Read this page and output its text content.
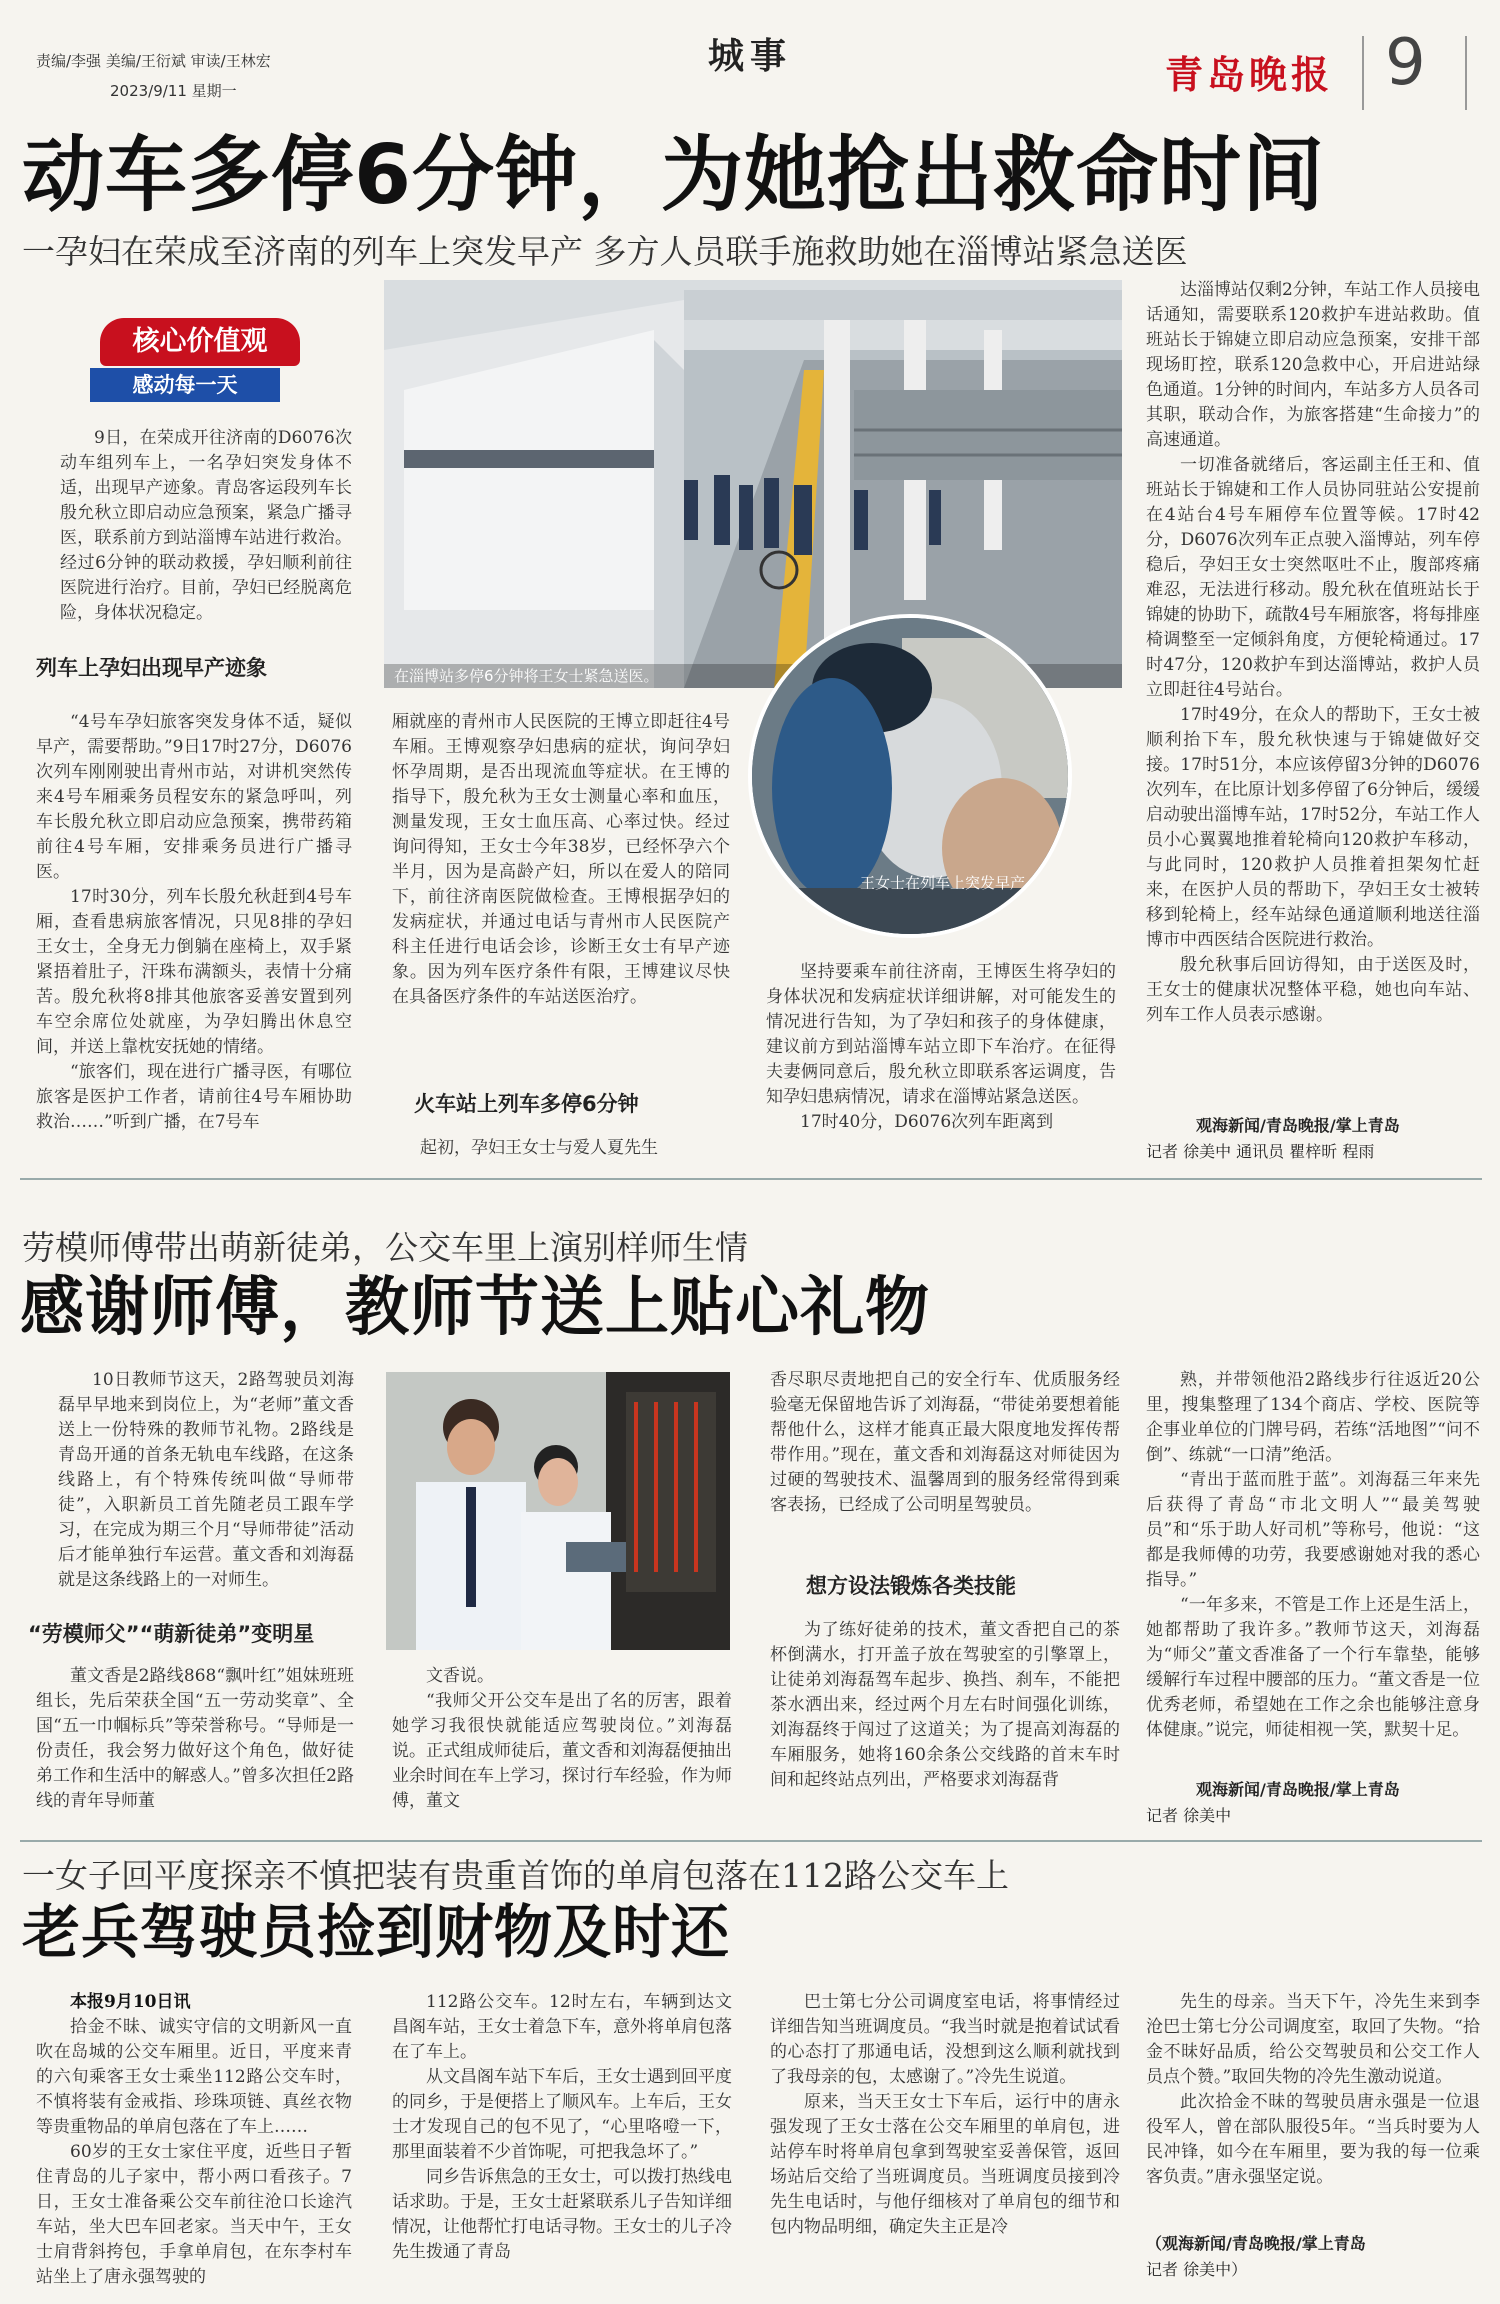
责编/李强 美编/王衍斌 审读/王林宏
2023/9/11 星期一
城事	青岛晚报 9
动车多停6分钟，为她抢出救命时间
一孕妇在荣成至济南的列车上突发早产 多方人员联手施救助她在淄博站紧急送医
核心价值观
感动每一天

9日，在荣成开往济南的D6076次动车组列车上，一名孕妇突发身体不适，出现早产迹象。青岛客运段列车长殷允秋立即启动应急预案，紧急广播寻医，联系前方到站淄博车站进行救治。经过6分钟的联动救援，孕妇顺利前往医院进行治疗。目前，孕妇已经脱离危险，身体状况稳定。

列车上孕妇出现早产迹象	在淄博站多停6分钟将王女士紧急送医。
王女士在列车上突发早产。

“4号车孕妇旅客突发身体不适，疑似早产，需要帮助。”9日17时27分，D6076次列车刚刚驶出青州市站，对讲机突然传来4号车厢乘务员程安东的紧急呼叫，列车长殷允秋立即启动应急预案，携带药箱前往4号车厢，安排乘务员进行广播寻医。

17时30分，列车长殷允秋赶到4号车厢，查看患病旅客情况，只见8排的孕妇王女士，全身无力倒躺在座椅上，双手紧紧捂着肚子，汗珠布满额头，表情十分痛苦。殷允秋将8排其他旅客妥善安置到列车空余席位处就座，为孕妇腾出休息空间，并送上靠枕安抚她的情绪。

“旅客们，现在进行广播寻医，有哪位旅客是医护工作者，请前往4号车厢协助救治……”听到广播，在7号车

厢就座的青州市人民医院的王博立即赶往4号车厢。王博观察孕妇患病的症状，询问孕妇怀孕周期，是否出现流血等症状。在王博的指导下，殷允秋为王女士测量心率和血压，测量发现，王女士血压高、心率过快。经过询问得知，王女士今年38岁，已经怀孕六个半月，因为是高龄产妇，所以在爱人的陪同下，前往济南医院做检查。王博根据孕妇的发病症状，并通过电话与青州市人民医院产科主任进行电话会诊，诊断王女士有早产迹象。因为列车医疗条件有限，王博建议尽快在具备医疗条件的车站送医治疗。
火车站上列车多停6分钟
起初，孕妇王女士与爱人夏先生

坚持要乘车前往济南，王博医生将孕妇的身体状况和发病症状详细讲解，对可能发生的情况进行告知，为了孕妇和孩子的身体健康，建议前方到站淄博车站立即下车治疗。在征得夫妻俩同意后，殷允秋立即联系客运调度，告知孕妇患病情况，请求在淄博站紧急送医。

17时40分，D6076次列车距离到

达淄博站仅剩2分钟，车站工作人员接电话通知，需要联系120救护车进站救助。值班站长于锦婕立即启动应急预案，安排干部现场盯控，联系120急救中心，开启进站绿色通道。1分钟的时间内，车站多方人员各司其职，联动合作，为旅客搭建“生命接力”的高速通道。

一切准备就绪后，客运副主任王和、值班站长于锦婕和工作人员协同驻站公安提前在4站台4号车厢停车位置等候。17时42分，D6076次列车正点驶入淄博站，列车停稳后，孕妇王女士突然呕吐不止，腹部疼痛难忍，无法进行移动。殷允秋在值班站长于锦婕的协助下，疏散4号车厢旅客，将每排座椅调整至一定倾斜角度，方便轮椅通过。17时47分，120救护车到达淄博站，救护人员立即赶往4号站台。

17时49分，在众人的帮助下，王女士被顺利抬下车，殷允秋快速与于锦婕做好交接。17时51分，本应该停留3分钟的D6076次列车，在比原计划多停留了6分钟后，缓缓启动驶出淄博车站，17时52分，车站工作人员小心翼翼地推着轮椅向120救护车移动，与此同时，120救护人员推着担架匆忙赶来，在医护人员的帮助下，孕妇王女士被转移到轮椅上，经车站绿色通道顺利地送往淄博市中西医结合医院进行救治。

殷允秋事后回访得知，由于送医及时，王女士的健康状况整体平稳，她也向车站、列车工作人员表示感谢。

观海新闻/青岛晚报/掌上青岛
记者 徐美中 通讯员 瞿梓昕 程雨
劳模师傅带出萌新徒弟，公交车里上演别样师生情
感谢师傅，教师节送上贴心礼物

10日教师节这天，2路驾驶员刘海磊早早地来到岗位上，为“老师”董文香送上一份特殊的教师节礼物。2路线是青岛开通的首条无轨电车线路，在这条线路上，有个特殊传统叫做“导师带徒”，入职新员工首先随老员工跟车学习，在完成为期三个月“导师带徒”活动后才能单独行车运营。董文香和刘海磊就是这条线路上的一对师生。

“劳模师父”“萌新徒弟”变明星

董文香是2路线868“飘叶红”姐妹班班组长，先后荣获全国“五一劳动奖章”、全国“五一巾帼标兵”等荣誉称号。“导师是一份责任，我会努力做好这个角色，做好徒弟工作和生活中的解惑人。”曾多次担任2路线的青年导师董

文香说。

“我师父开公交车是出了名的厉害，跟着她学习我很快就能适应驾驶岗位。”刘海磊说。正式组成师徒后，董文香和刘海磊便抽出业余时间在车上学习，探讨行车经验，作为师傅，董文

香尽职尽责地把自己的安全行车、优质服务经验毫无保留地告诉了刘海磊，“带徒弟要想着能帮他什么，这样才能真正最大限度地发挥传帮带作用。”现在，董文香和刘海磊这对师徒因为过硬的驾驶技术、温馨周到的服务经常得到乘客表扬，已经成了公司明星驾驶员。
想方设法锻炼各类技能

为了练好徒弟的技术，董文香把自己的茶杯倒满水，打开盖子放在驾驶室的引擎罩上，让徒弟刘海磊驾车起步、换挡、刹车，不能把茶水洒出来，经过两个月左右时间强化训练，刘海磊终于闯过了这道关；为了提高刘海磊的车厢服务，她将160余条公交线路的首末车时间和起终站点列出，严格要求刘海磊背

熟，并带领他沿2路线步行往返近20公里，搜集整理了134个商店、学校、医院等企事业单位的门牌号码，若练“活地图”“问不倒”、练就“一口清”绝活。

“青出于蓝而胜于蓝”。刘海磊三年来先后获得了青岛“市北文明人”“最美驾驶员”和“乐于助人好司机”等称号，他说：“这都是我师傅的功劳，我要感谢她对我的悉心指导。”

“一年多来，不管是工作上还是生活上，她都帮助了我许多。”教师节这天，刘海磊为“师父”董文香准备了一个行车靠垫，能够缓解行车过程中腰部的压力。“董文香是一位优秀老师，希望她在工作之余也能够注意身体健康。”说完，师徒相视一笑，默契十足。

观海新闻/青岛晚报/掌上青岛
记者 徐美中
一女子回平度探亲不慎把装有贵重首饰的单肩包落在112路公交车上
老兵驾驶员捡到财物及时还

本报9月10日讯

拾金不昧、诚实守信的文明新风一直吹在岛城的公交车厢里。近日，平度来青的六旬乘客王女士乘坐112路公交车时，不慎将装有金戒指、珍珠项链、真丝衣物等贵重物品的单肩包落在了车上……

60岁的王女士家住平度，近些日子暂住青岛的儿子家中，帮小两口看孩子。7日，王女士准备乘公交车前往沧口长途汽车站，坐大巴车回老家。当天中午，王女士肩背斜挎包，手拿单肩包，在东李村车站坐上了唐永强驾驶的

112路公交车。12时左右，车辆到达文昌阁车站，王女士着急下车，意外将单肩包落在了车上。

从文昌阁车站下车后，王女士遇到回平度的同乡，于是便搭上了顺风车。上车后，王女士才发现自己的包不见了，“心里咯噔一下，那里面装着不少首饰呢，可把我急坏了。”

同乡告诉焦急的王女士，可以拨打热线电话求助。于是，王女士赶紧联系儿子告知详细情况，让他帮忙打电话寻物。王女士的儿子冷先生拨通了青岛

巴士第七分公司调度室电话，将事情经过详细告知当班调度员。“我当时就是抱着试试看的心态打了那通电话，没想到这么顺利就找到了我母亲的包，太感谢了。”冷先生说道。

原来，当天王女士下车后，运行中的唐永强发现了王女士落在公交车厢里的单肩包，进站停车时将单肩包拿到驾驶室妥善保管，返回场站后交给了当班调度员。当班调度员接到冷先生电话时，与他仔细核对了单肩包的细节和包内物品明细，确定失主正是冷

先生的母亲。当天下午，冷先生来到李沧巴士第七分公司调度室，取回了失物。“拾金不昧好品质，给公交驾驶员和公交工作人员点个赞。”取回失物的冷先生激动说道。

此次拾金不昧的驾驶员唐永强是一位退役军人，曾在部队服役5年。“当兵时要为人民冲锋，如今在车厢里，要为我的每一位乘客负责。”唐永强坚定说。

（观海新闻/青岛晚报/掌上青岛
记者 徐美中）
